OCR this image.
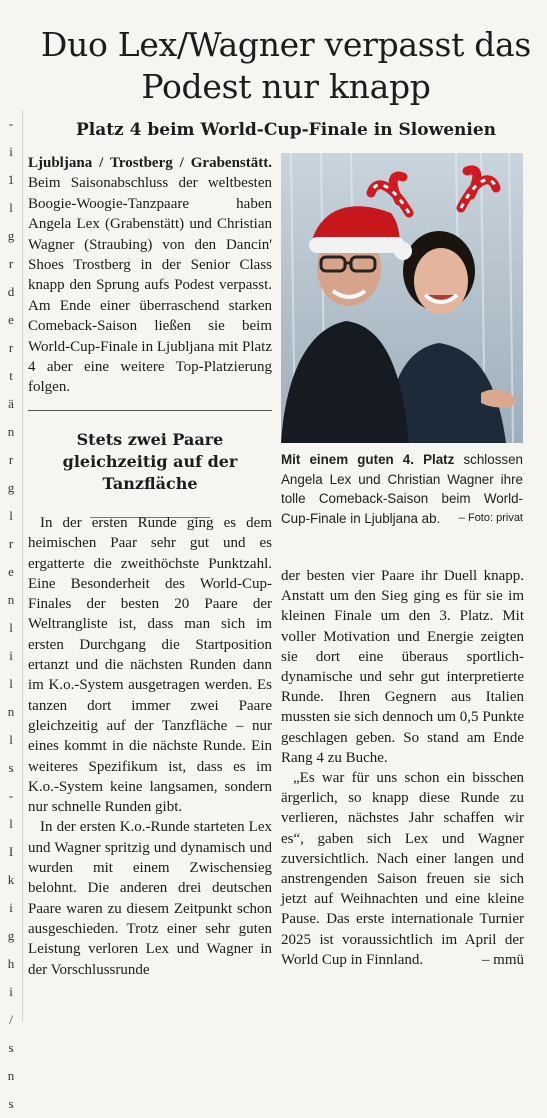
-
i
1
l
g
r
d
e
r
t
ä
n
r
g
l
r
e
n
l
i
l
n
l
s
-
l
I
k
i
g
h
i
/
s
n
s
Duo Lex/Wagner verpasst das Podest nur knapp
Platz 4 beim World-Cup-Finale in Slowenien

Ljubljana / Trostberg / Grabenstätt. Beim Saisonabschluss der weltbesten Boogie-Woogie-Tanzpaare haben Angela Lex (Grabenstätt) und Christian Wagner (Straubing) von den Dancin' Shoes Trostberg in der Senior Class knapp den Sprung aufs Podest verpasst. Am Ende einer überraschend starken Comeback-Saison ließen sie beim World-Cup-Finale in Ljubljana mit Platz 4 aber eine weitere Top-Platzierung folgen.

Stets zwei Paare gleichzeitig auf der Tanzfläche

In der ersten Runde ging es dem heimischen Paar sehr gut und es ergatterte die zweithöchste Punktzahl. Eine Besonderheit des World-Cup-Finales der besten 20 Paare der Weltrangliste ist, dass man sich im ersten Durchgang die Startposition ertanzt und die nächsten Runden dann im K.o.-System ausgetragen werden. Es tanzen dort immer zwei Paare gleichzeitig auf der Tanzfläche – nur eines kommt in die nächste Runde. Ein weiteres Spezifikum ist, dass es im K.o.-System keine langsamen, sondern nur schnelle Runden gibt.

In der ersten K.o.-Runde starteten Lex und Wagner spritzig und dynamisch und wurden mit einem Zwischensieg belohnt. Die anderen drei deutschen Paare waren zu diesem Zeitpunkt schon ausgeschieden. Trotz einer sehr guten Leistung verloren Lex und Wagner in der Vorschlussrunde

Mit einem guten 4. Platz schlossen Angela Lex und Christian Wagner ihre tolle Comeback-Saison beim World-Cup-Finale in Ljubljana ab.	– Foto: privat

der besten vier Paare ihr Duell knapp. Anstatt um den Sieg ging es für sie im kleinen Finale um den 3. Platz. Mit voller Motivation und Energie zeigten sie dort eine überaus sportlich-dynamische und sehr gut interpretierte Runde. Ihren Gegnern aus Italien mussten sie sich dennoch um 0,5 Punkte geschlagen geben. So stand am Ende Rang 4 zu Buche.

„Es war für uns schon ein bisschen ärgerlich, so knapp diese Runde zu verlieren, nächstes Jahr schaffen wir es“, gaben sich Lex und Wagner zuversichtlich. Nach einer langen und anstrengenden Saison freuen sie sich jetzt auf Weihnachten und eine kleine Pause. Das erste internationale Turnier 2025 ist voraussichtlich im April der World Cup in Finnland.	– mmü
